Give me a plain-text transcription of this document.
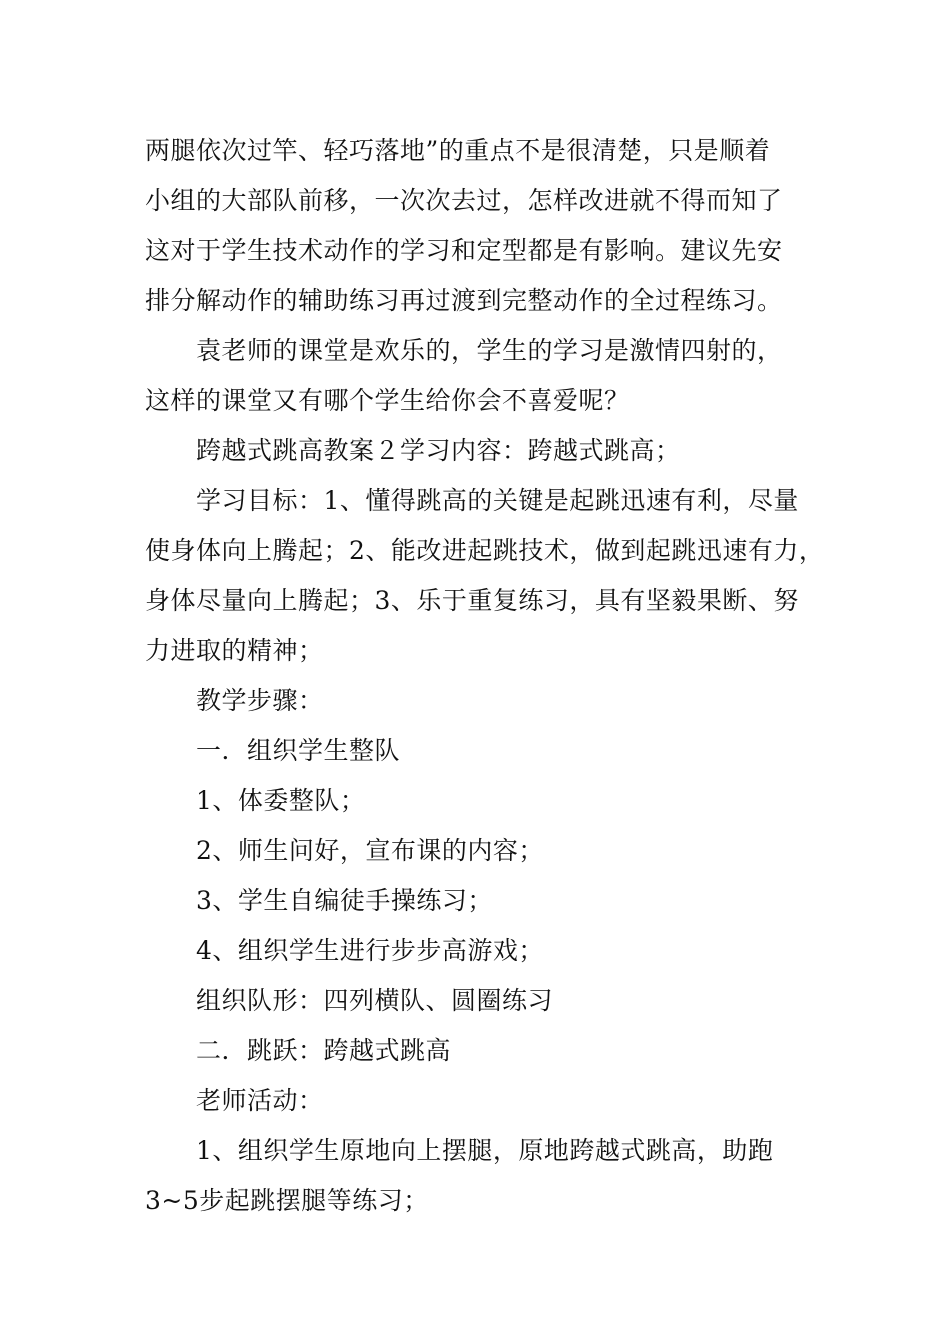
两腿依次过竿、轻巧落地”的重点不是很清楚，只是顺着
小组的大部队前移，一次次去过，怎样改进就不得而知了
这对于学生技术动作的学习和定型都是有影响。建议先安
排分解动作的辅助练习再过渡到完整动作的全过程练习。
袁老师的课堂是欢乐的，学生的学习是激情四射的，
这样的课堂又有哪个学生给你会不喜爱呢？
跨越式跳高教案２学习内容：跨越式跳高；
学习目标：1、懂得跳高的关键是起跳迅速有利，尽量
使身体向上腾起；2、能改进起跳技术，做到起跳迅速有力，
身体尽量向上腾起；3、乐于重复练习，具有坚毅果断、努
力进取的精神；
教学步骤：
一．组织学生整队
1、体委整队；
2、师生问好，宣布课的内容；
3、学生自编徒手操练习；
4、组织学生进行步步高游戏；
组织队形：四列横队、圆圈练习
二．跳跃：跨越式跳高
老师活动：
1、组织学生原地向上摆腿，原地跨越式跳高，助跑
3~5步起跳摆腿等练习；
